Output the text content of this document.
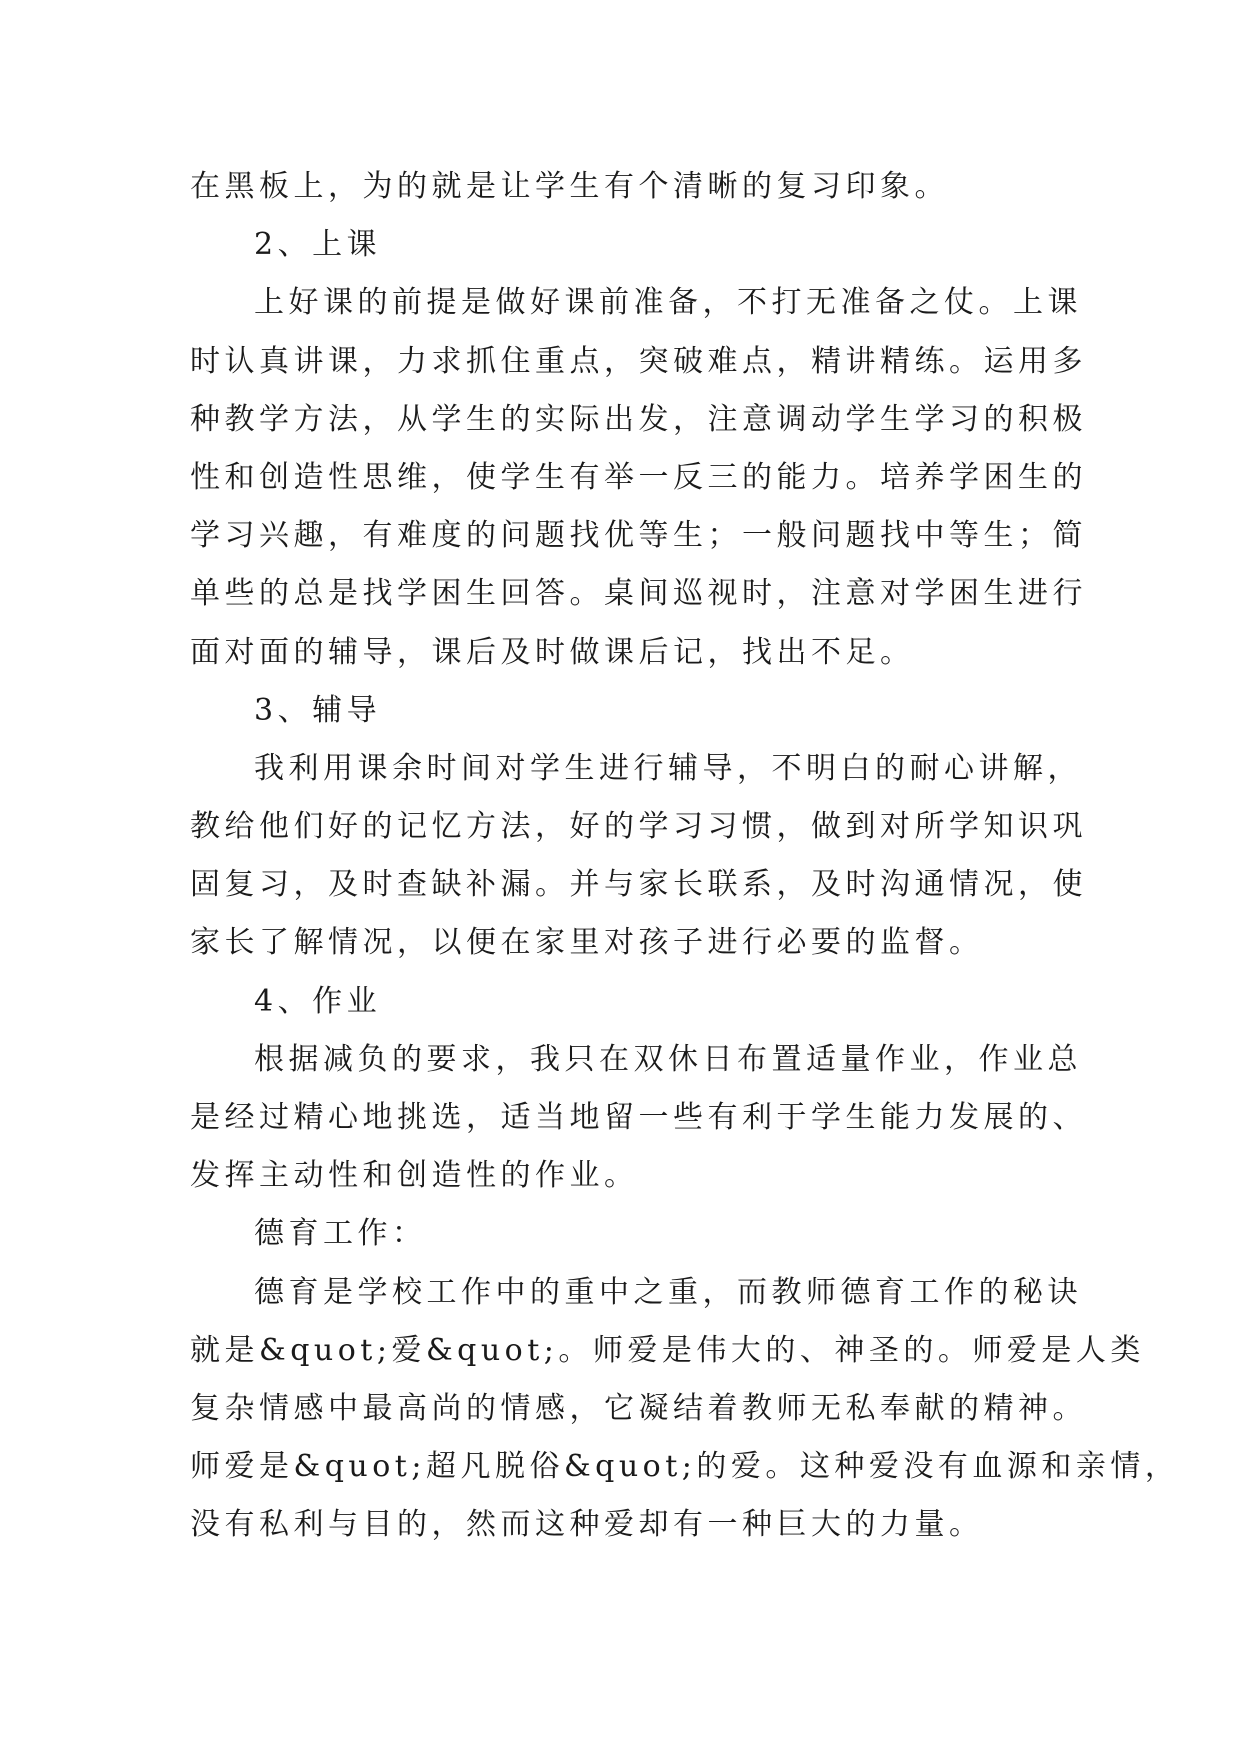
在黑板上，为的就是让学生有个清晰的复习印象。
2、上课
上好课的前提是做好课前准备，不打无准备之仗。上课
时认真讲课，力求抓住重点，突破难点，精讲精练。运用多
种教学方法，从学生的实际出发，注意调动学生学习的积极
性和创造性思维，使学生有举一反三的能力。培养学困生的
学习兴趣，有难度的问题找优等生；一般问题找中等生；简
单些的总是找学困生回答。桌间巡视时，注意对学困生进行
面对面的辅导，课后及时做课后记，找出不足。
3、辅导
我利用课余时间对学生进行辅导，不明白的耐心讲解，
教给他们好的记忆方法，好的学习习惯，做到对所学知识巩
固复习，及时查缺补漏。并与家长联系，及时沟通情况，使
家长了解情况，以便在家里对孩子进行必要的监督。
4、作业
根据减负的要求，我只在双休日布置适量作业，作业总
是经过精心地挑选，适当地留一些有利于学生能力发展的、
发挥主动性和创造性的作业。
德育工作：
德育是学校工作中的重中之重，而教师德育工作的秘诀
就是&quot;爱&quot;。师爱是伟大的、神圣的。师爱是人类
复杂情感中最高尚的情感，它凝结着教师无私奉献的精神。
师爱是&quot;超凡脱俗&quot;的爱。这种爱没有血源和亲情，
没有私利与目的，然而这种爱却有一种巨大的力量。
